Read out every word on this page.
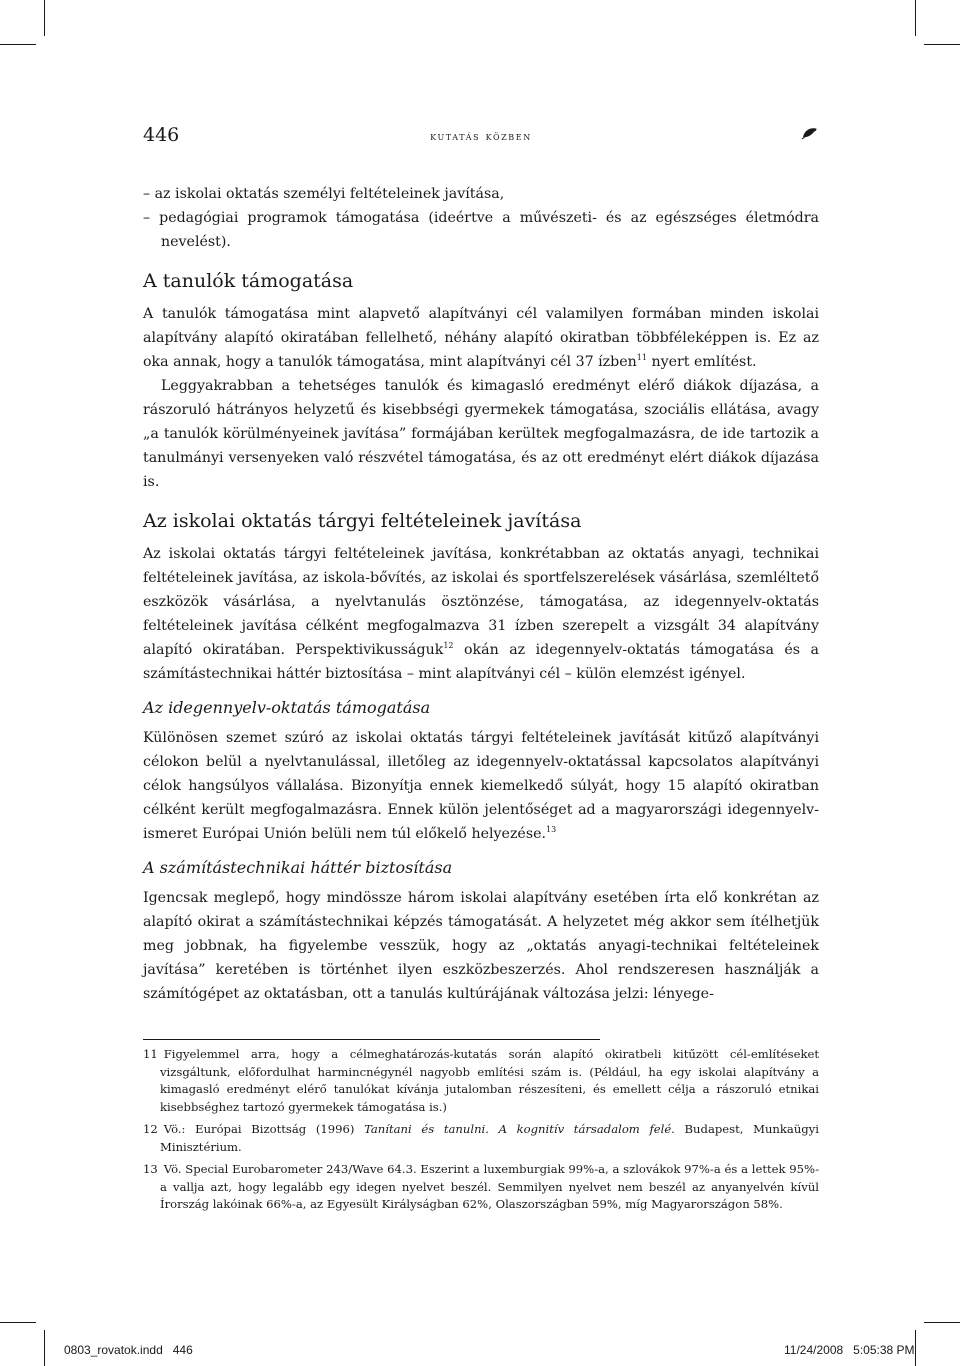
446	kutatás közben
– az iskolai oktatás személyi feltételeinek javítása,
– pedagógiai programok támogatása (ideértve a művészeti- és az egészséges életmódra nevelést).
A tanulók támogatása

A tanulók támogatása mint alapvető alapítványi cél valamilyen formában minden iskolai alapítvány alapító okiratában fellelhető, néhány alapító okiratban többféleképpen is. Ez az oka annak, hogy a tanulók támogatása, mint alapítványi cél 37 ízben$^{11}$ nyert említést.

Leggyakrabban a tehetséges tanulók és kimagasló eredményt elérő diákok díjazása, a rászoruló hátrányos helyzetű és kisebbségi gyermekek támogatása, szociális ellátása, avagy „a tanulók körülményeinek javítása” formájában kerültek megfogalmazásra, de ide tartozik a tanulmányi versenyeken való részvétel támogatása, és az ott eredményt elért diákok díjazása is.

Az iskolai oktatás tárgyi feltételeinek javítása

Az iskolai oktatás tárgyi feltételeinek javítása, konkrétabban az oktatás anyagi, technikai feltételeinek javítása, az iskola-bővítés, az iskolai és sportfelszerelések vásárlása, szemléltető eszközök vásárlása, a nyelvtanulás ösztönzése, támogatása, az idegennyelv-oktatás feltételeinek javítása célként megfogalmazva 31 ízben szerepelt a vizsgált 34 alapítvány alapító okiratában. Perspektivikusságuk$^{12}$ okán az idegennyelv-oktatás támogatása és a számítástechnikai háttér biztosítása – mint alapítványi cél – külön elemzést igényel.

Az idegennyelv-oktatás támogatása

Különösen szemet szúró az iskolai oktatás tárgyi feltételeinek javítását kitűző alapítványi célokon belül a nyelvtanulással, illetőleg az idegennyelv-oktatással kapcsolatos alapítványi célok hangsúlyos vállalása. Bizonyítja ennek kiemelkedő súlyát, hogy 15 alapító okiratban célként került megfogalmazásra. Ennek külön jelentőséget ad a magyarországi idegennyelv-ismeret Európai Unión belüli nem túl előkelő helyezése.$^{13}$

A számítástechnikai háttér biztosítása

Igencsak meglepő, hogy mindössze három iskolai alapítvány esetében írta elő konkrétan az alapító okirat a számítástechnikai képzés támogatását. A helyzetet még akkor sem ítélhetjük meg jobbnak, ha figyelembe vesszük, hogy az „oktatás anyagi-technikai feltételeinek javítása” keretében is történhet ilyen eszközbeszerzés. Ahol rendszeresen használják a számítógépet az oktatásban, ott a tanulás kultúrájának változása jelzi: lényege-

11 Figyelemmel arra, hogy a célmeghatározás-kutatás során alapító okiratbeli kitűzött cél-említéseket vizsgáltunk, előfordulhat harmincnégynél nagyobb említési szám is. (Például, ha egy iskolai alapítvány a kimagasló eredményt elérő tanulókat kívánja jutalomban részesíteni, és emellett célja a rászoruló etnikai kisebbséghez tartozó gyermekek támogatása is.)

12 Vö.: Európai Bizottság (1996) Tanítani és tanulni. A kognitív társadalom felé. Budapest, Munkaügyi Minisztérium.

13 Vö. Special Eurobarometer 243/Wave 64.3. Eszerint a luxemburgiak 99%-a, a szlovákok 97%-a és a lettek 95%-a vallja azt, hogy legalább egy idegen nyelvet beszél. Semmilyen nyelvet nem beszél az anyanyelvén kívül Írország lakóinak 66%-a, az Egyesült Királyságban 62%, Olaszországban 59%, míg Magyarországon 58%.

0803_rovatok.indd   446	11/24/2008   5:05:38 PM
